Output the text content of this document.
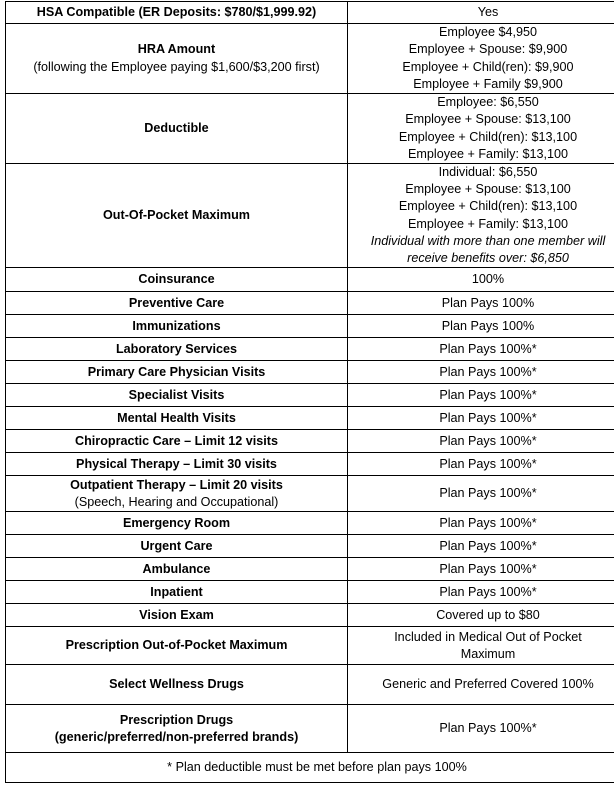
HSA Compatible (ER Deposits: $780/$1,999.92)	Yes

HRA Amount
(following the Employee paying $1,600/$3,200 first)	Employee $4,950
Employee + Spouse: $9,900
Employee + Child(ren): $9,900
Employee + Family $9,900

Deductible	Employee: $6,550
Employee + Spouse: $13,100
Employee + Child(ren): $13,100
Employee + Family: $13,100

Out-Of-Pocket Maximum	Individual: $6,550
Employee + Spouse: $13,100
Employee + Child(ren): $13,100
Employee + Family: $13,100
Individual with more than one member will receive benefits over: $6,850

Coinsurance	100%

Preventive Care	Plan Pays 100%

Immunizations	Plan Pays 100%

Laboratory Services	Plan Pays 100%*

Primary Care Physician Visits	Plan Pays 100%*

Specialist Visits	Plan Pays 100%*

Mental Health Visits	Plan Pays 100%*

Chiropractic Care – Limit 12 visits	Plan Pays 100%*

Physical Therapy – Limit 30 visits	Plan Pays 100%*

Outpatient Therapy – Limit 20 visits
(Speech, Hearing and Occupational)	Plan Pays 100%*

Emergency Room	Plan Pays 100%*

Urgent Care	Plan Pays 100%*

Ambulance	Plan Pays 100%*

Inpatient	Plan Pays 100%*

Vision Exam	Covered up to $80

Prescription Out-of-Pocket Maximum	Included in Medical Out of Pocket
Maximum

Select Wellness Drugs	Generic and Preferred Covered 100%

Prescription Drugs
(generic/preferred/non-preferred brands)	Plan Pays 100%*

* Plan deductible must be met before plan pays 100%	
